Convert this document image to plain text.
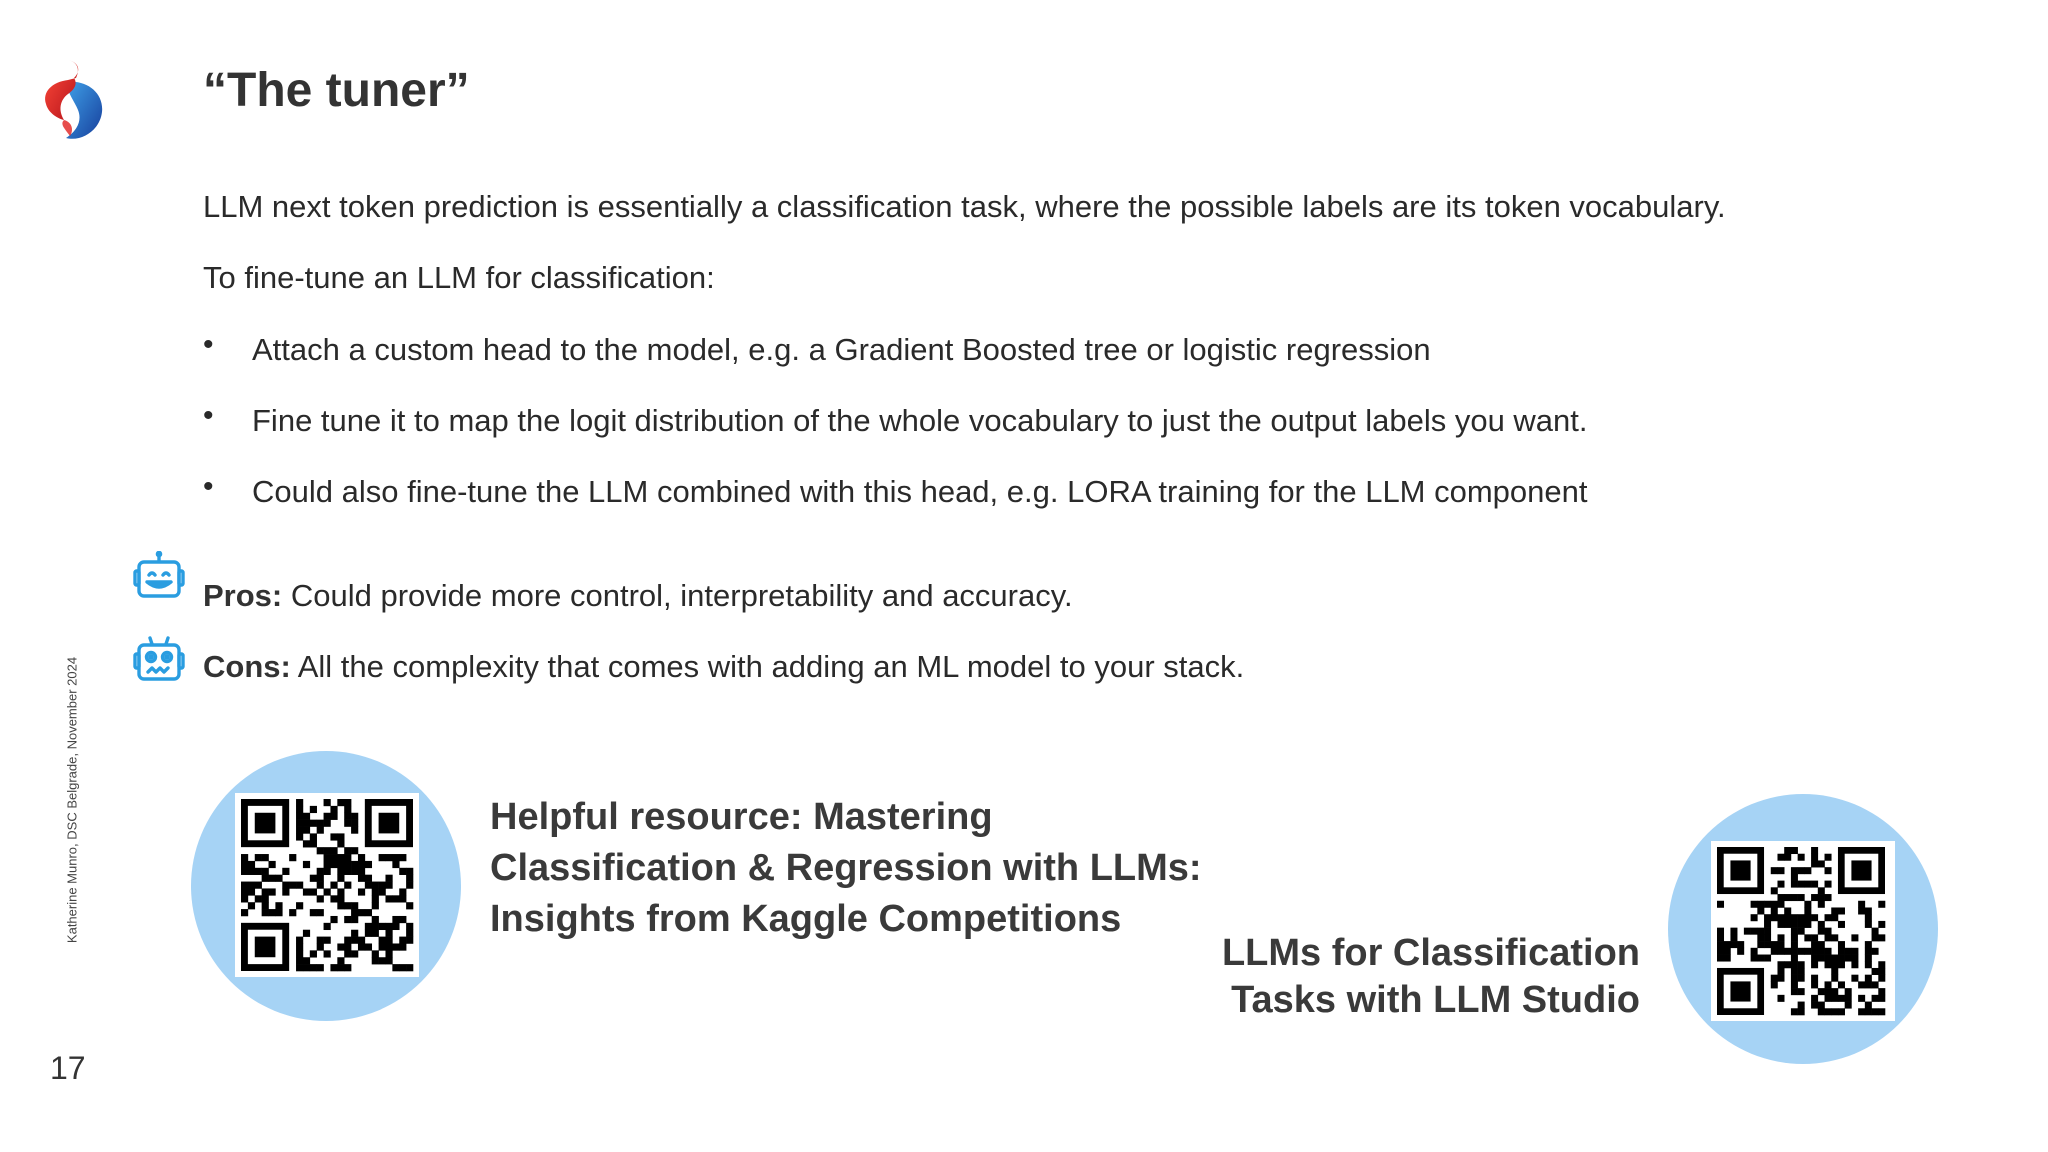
“The tuner”
LLM next token prediction is essentially a classification task, where the possible labels are its token vocabulary.
To fine-tune an LLM for classification:
• Attach a custom head to the model, e.g. a Gradient Boosted tree or logistic regression
• Fine tune it to map the logit distribution of the whole vocabulary to just the output labels you want.
• Could also fine-tune the LLM combined with this head, e.g. LORA training for the LLM component
Pros: Could provide more control, interpretability and accuracy.
Cons: All the complexity that comes with adding an ML model to your stack.
Katherine Munro, DSC Belgrade, November 2024
17
Helpful resource: Mastering
Classification & Regression with LLMs:
Insights from Kaggle Competitions
LLMs for Classification
Tasks with LLM Studio
